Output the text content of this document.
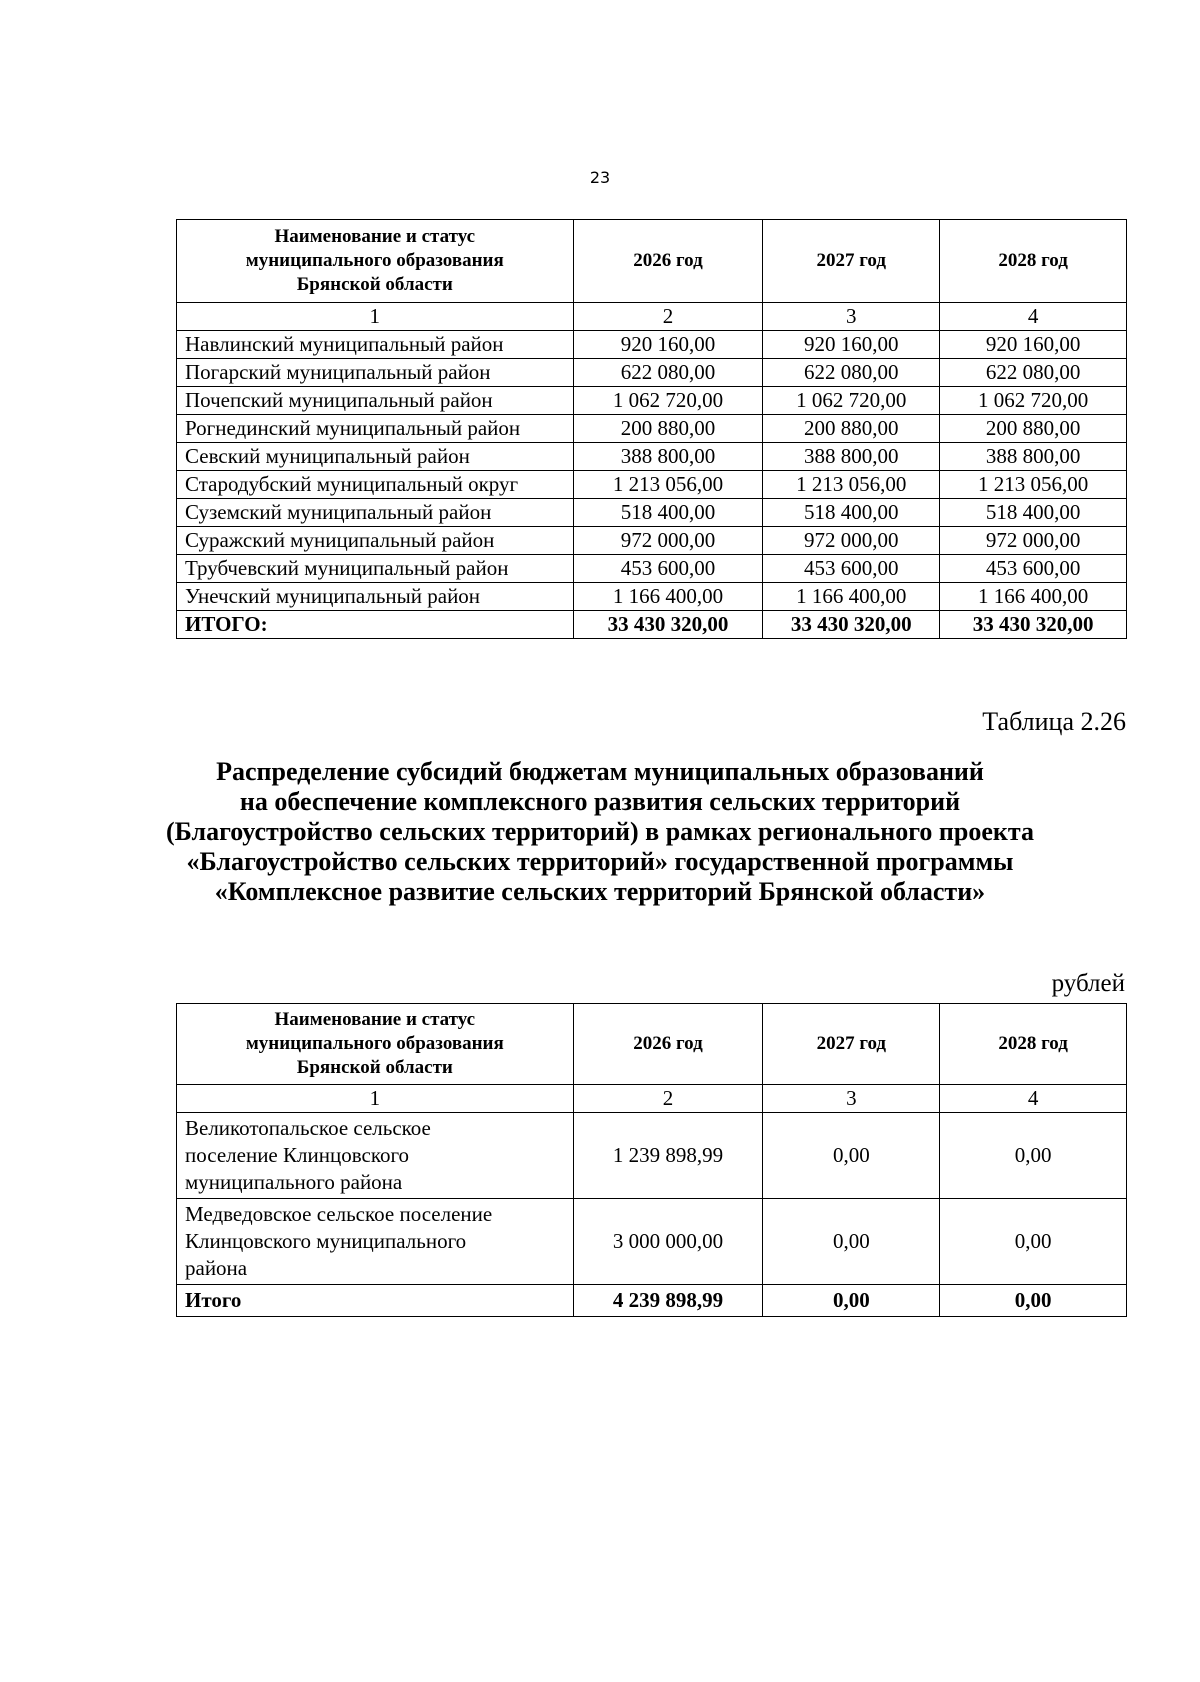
23
Наименование и статус
муниципального образования
Брянской области	2026 год	2027 год	2028 год
1	2	3	4
Навлинский муниципальный район	920 160,00	920 160,00	920 160,00
Погарский муниципальный район	622 080,00	622 080,00	622 080,00
Почепский муниципальный район	1 062 720,00	1 062 720,00	1 062 720,00
Рогнединский муниципальный район	200 880,00	200 880,00	200 880,00
Севский муниципальный район	388 800,00	388 800,00	388 800,00
Стародубский муниципальный округ	1 213 056,00	1 213 056,00	1 213 056,00
Суземский муниципальный район	518 400,00	518 400,00	518 400,00
Суражский муниципальный район	972 000,00	972 000,00	972 000,00
Трубчевский муниципальный район	453 600,00	453 600,00	453 600,00
Унечский муниципальный район	1 166 400,00	1 166 400,00	1 166 400,00
ИТОГО:	33 430 320,00	33 430 320,00	33 430 320,00
Таблица 2.26
Распределение субсидий бюджетам муниципальных образований
на обеспечение комплексного развития сельских территорий
(Благоустройство сельских территорий) в рамках регионального проекта
«Благоустройство сельских территорий» государственной программы
«Комплексное развитие сельских территорий Брянской области»
рублей
Наименование и статус
муниципального образования
Брянской области	2026 год	2027 год	2028 год
1	2	3	4

Великотопальское сельское
поселение Клинцовского
муниципального района	1 239 898,99	0,00	0,00

Медведовское сельское поселение
Клинцовского муниципального
района	3 000 000,00	0,00	0,00
Итого	4 239 898,99	0,00	0,00
